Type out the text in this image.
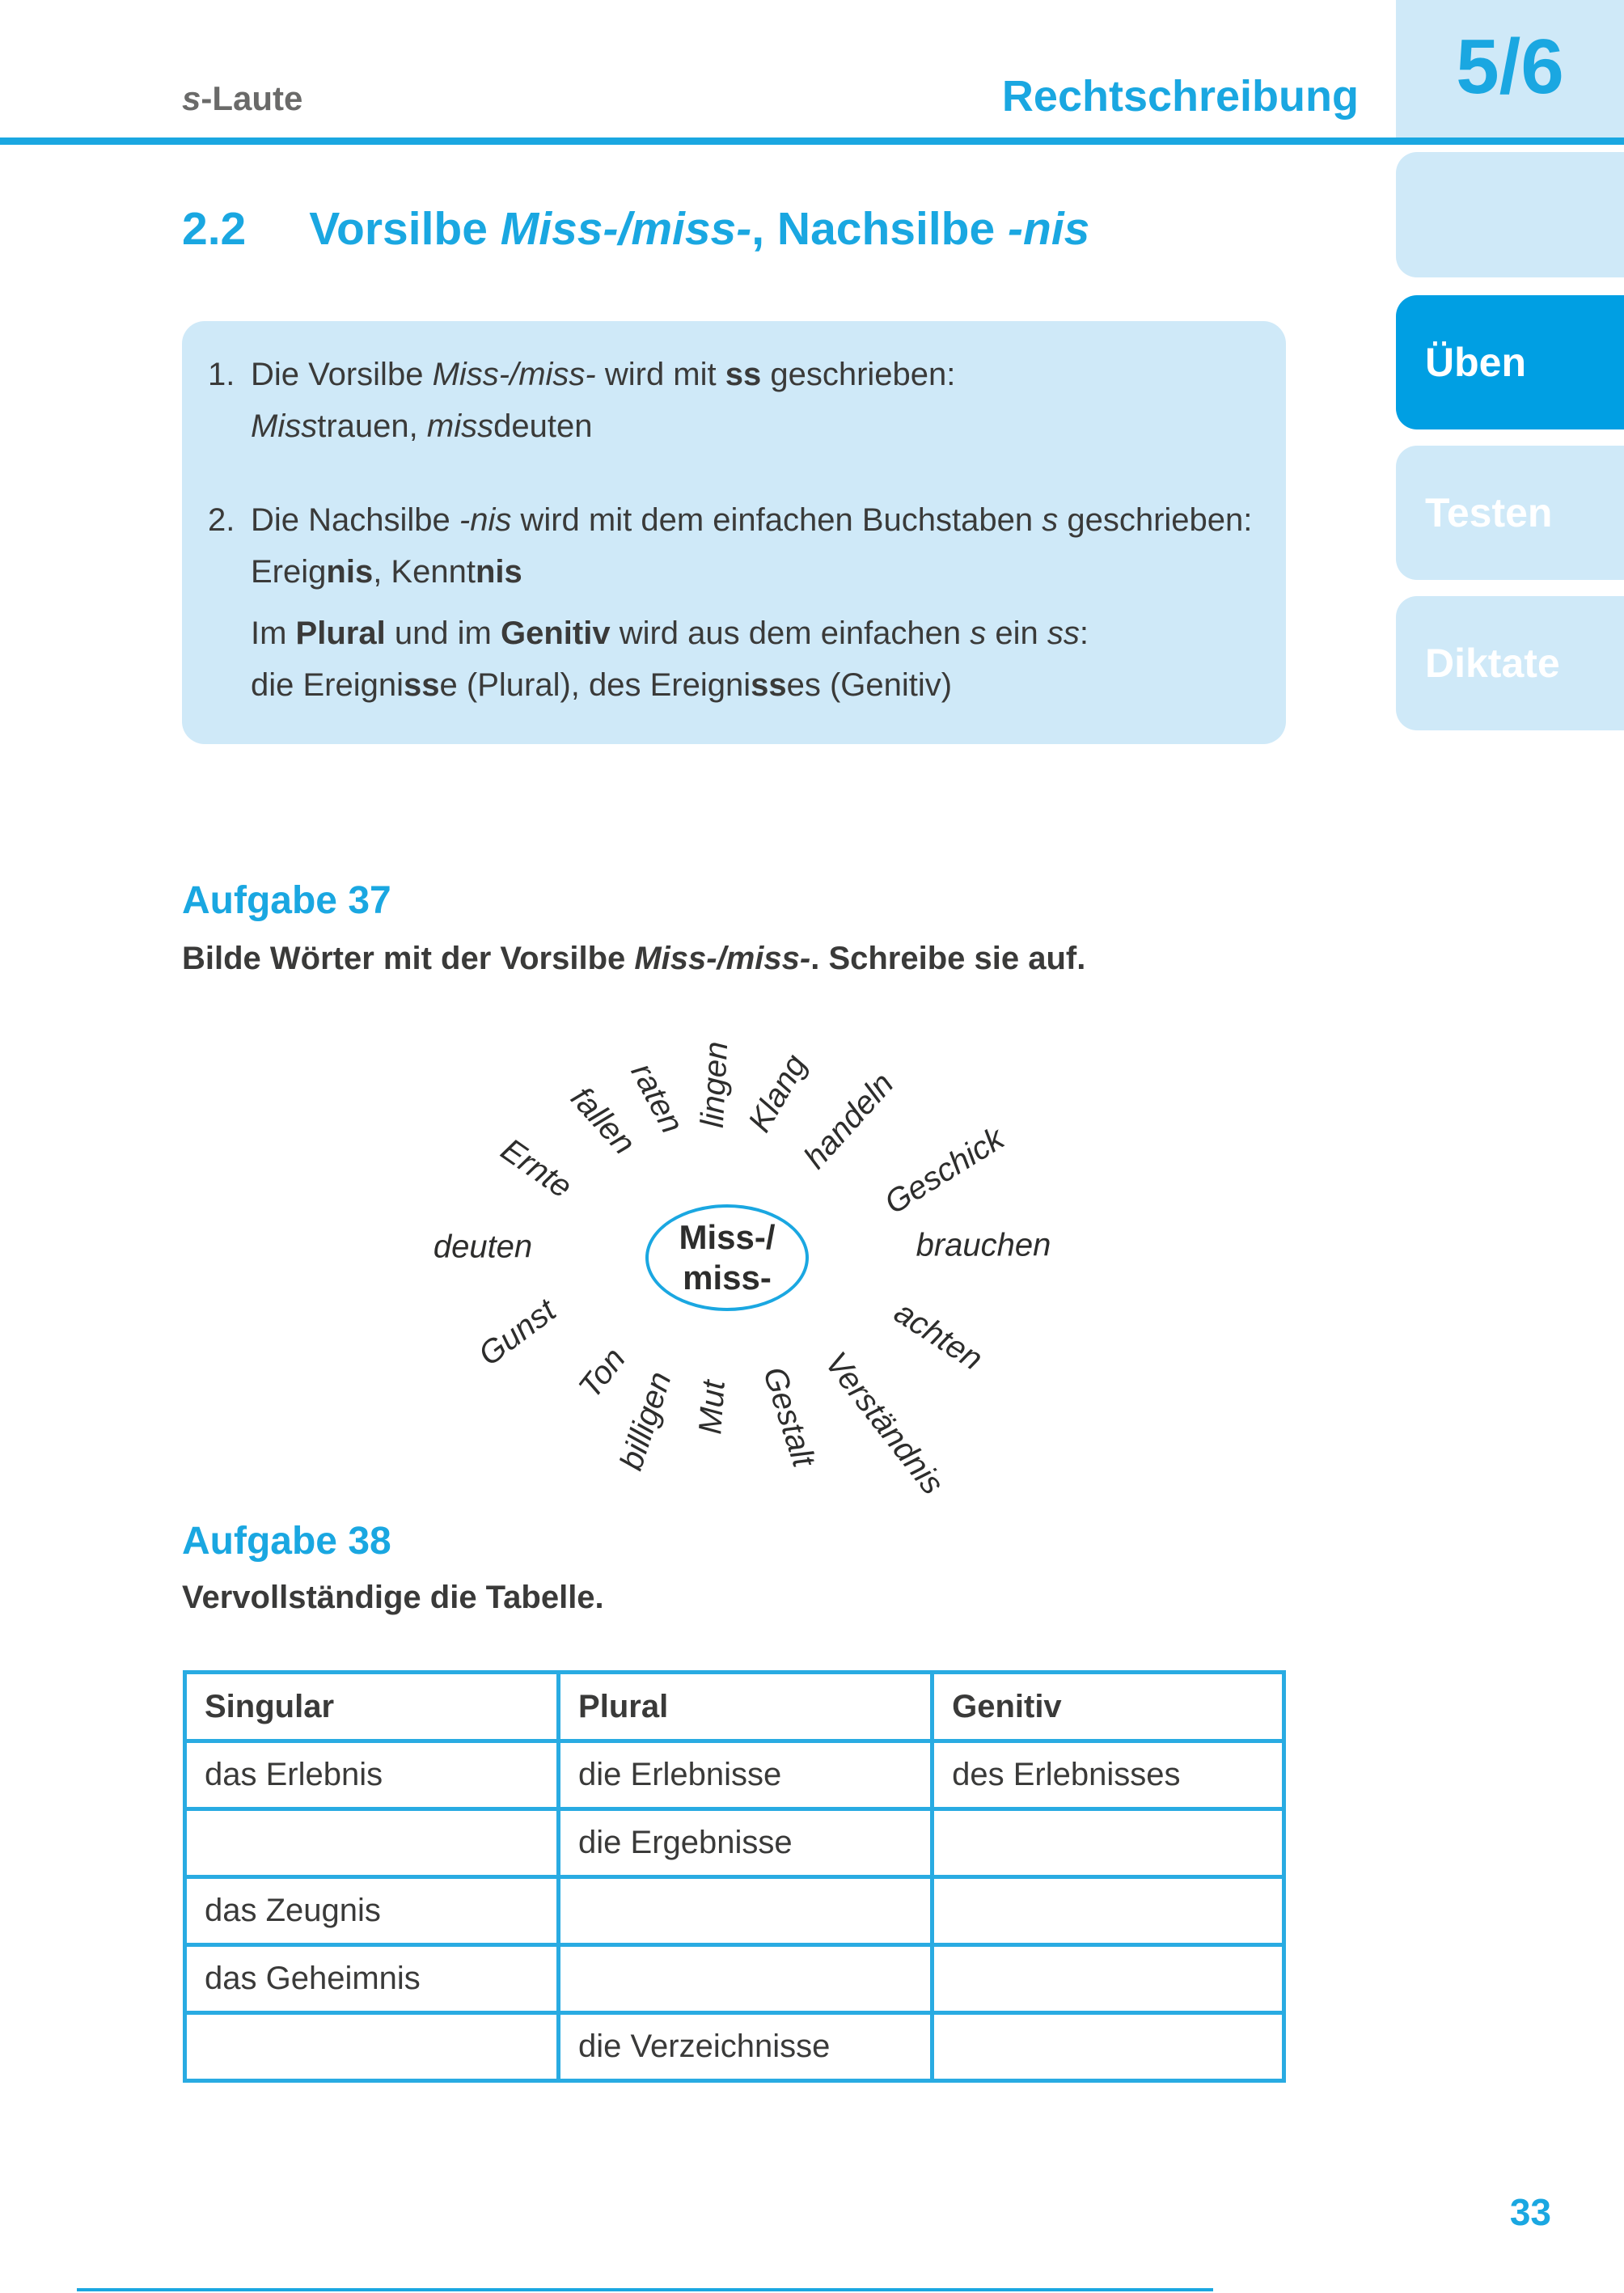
s-Laute	Rechtschreibung	5/6
Üben
Testen
Diktate
2.2 Vorsilbe Miss-/miss-, Nachsilbe -nis
1. Die Vorsilbe Miss-/miss- wird mit ss geschrieben:
Misstrauen, missdeuten
2. Die Nachsilbe -nis wird mit dem einfachen Buchstaben s geschrieben:
Ereignis, Kenntnis
Im Plural und im Genitiv wird aus dem einfachen s ein ss:
die Ereignisse (Plural), des Ereignisses (Genitiv)
Aufgabe 37
Bilde Wörter mit der Vorsilbe Miss-/miss-. Schreibe sie auf.
Ernte
fallen
raten lingen Klang
handeln
Geschick
brauchen
achten
Verständnis
Gestalt
Mut
billigen
Ton
Gunst
deuten	Miss-/
miss-
Aufgabe 38
Vervollständige die Tabelle.
Singular	Plural	Genitiv
das Erlebnis	die Erlebnisse	des Erlebnisses
	die Ergebnisse	
das Zeugnis		
das Geheimnis		
	die Verzeichnisse	
33
